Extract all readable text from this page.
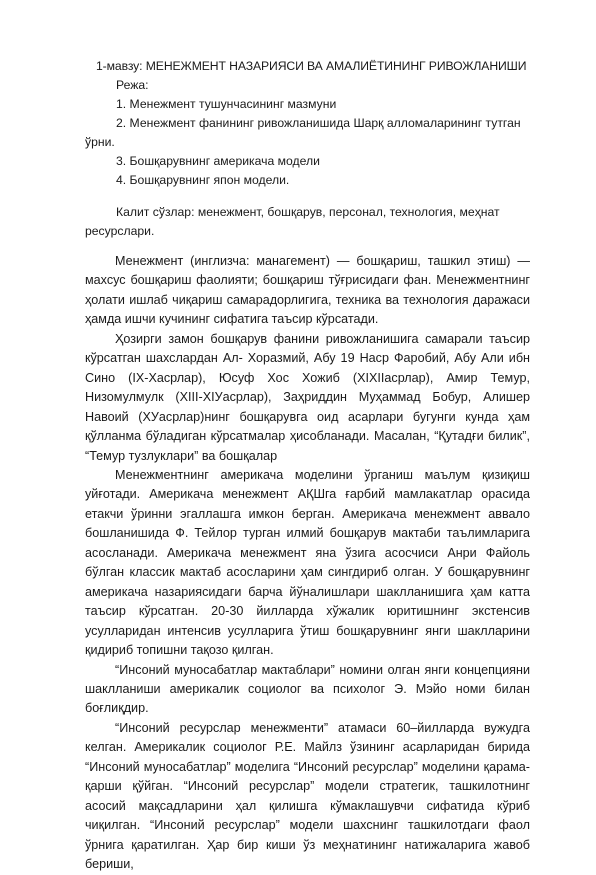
1-мавзу: МЕНЕЖМЕНТ НАЗАРИЯСИ ВА АМАЛИЁТИНИНГ РИВОЖЛАНИШИ
Режа:
1. Менежмент тушунчасининг мазмуни
2. Менежмент фанининг ривожланишида Шарқ алломаларининг тутган
ўрни.
3. Бошқарувнинг америкача модели
4. Бошқарувнинг япон модели.
Калит сўзлар: менежмент, бошқарув, персонал, технология, меҳнат
ресурслари.

Менежмент (инглизча: манагемент) — бошқариш, ташкил этиш) — махсус бошқариш фаолияти; бошқариш тўғрисидаги фан. Менежментнинг ҳолати ишлаб чиқариш самарадорлигига, техника ва технология даражаси ҳамда ишчи кучининг сифатига таъсир кўрсатади.

Ҳозирги замон бошқарув фанини ривожланишига самарали таъсир кўрсатган шахслардан Ал- Хоразмий, Абу 19 Наср Фаробий, Абу Али ибн Сино (IX-Хасрлар), Юсуф Хос Хожиб (XIXIIасрлар), Амир Темур, Низомулмулк (XIII-XIУасрлар), Заҳриддин Муҳаммад Бобур, Алишер Навоий (XУасрлар)нинг бошқарувга оид асарлари бугунги кунда ҳам қўлланма бўладиган кўрсатмалар ҳисобланади. Масалан, “Қутадғи билик”, “Темур тузлуклари” ва бошқалар

Менежментнинг америкача моделини ўрганиш маълум қизиқиш уйғотади. Америкача менежмент АҚШга ғарбий мамлакатлар орасида етакчи ўринни эгаллашга имкон берган. Америкача менежмент аввало бошланишида Ф. Тейлор турган илмий бошқарув мактаби таълимларига асосланади. Америкача менежмент яна ўзига асосчиси Анри Файоль бўлган классик мактаб асосларини ҳам сингдириб олган. У бошқарувнинг америкача назариясидаги барча йўналишлари шаклланишига ҳам катта таъсир кўрсатган. 20-30 йилларда хўжалик юритишнинг экстенсив усулларидан интенсив усулларига ўтиш бошқарувнинг янги шаклларини қидириб топишни тақозо қилган.

“Инсоний муносабатлар мактаблари” номини олган янги концепцияни шаклланиши америкалик социолог ва психолог Э. Мэйо номи билан боғлиқдир.

“Инсоний ресурслар менежменти” атамаси 60–йилларда вужудга келган. Америкалик социолог Р.Е. Майлз ўзининг асарларидан бирида “Инсоний муносабатлар” моделига “Инсоний ресурслар” моделини қарама-қарши қўйган. “Инсоний ресурслар” модели стратегик, ташкилотнинг асосий мақсадларини ҳал қилишга кўмаклашувчи сифатида кўриб чиқилган. “Инсоний ресурслар” модели шахснинг ташкилотдаги фаол ўрнига қаратилган. Ҳар бир киши ўз меҳнатининг натижаларига жавоб бериши,
